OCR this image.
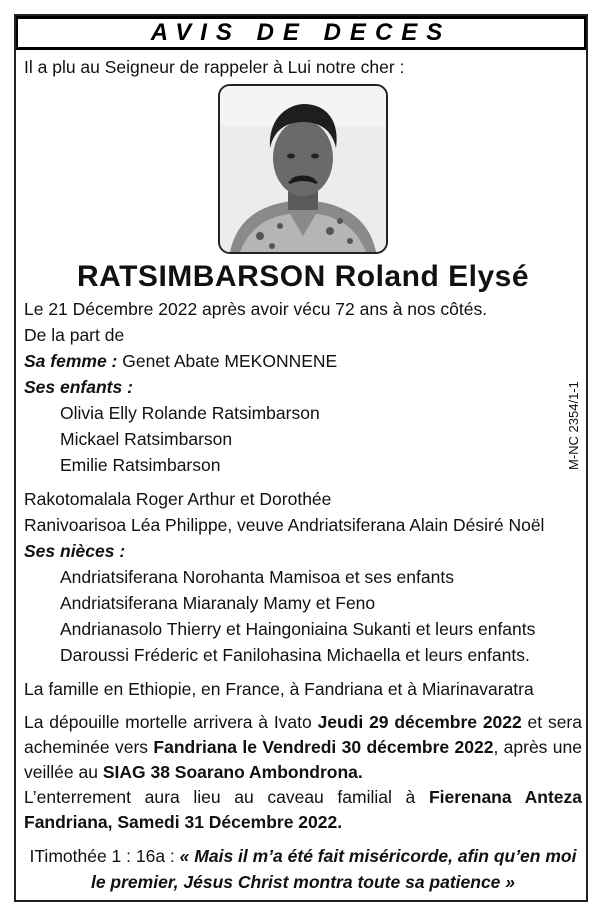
AVIS DE DECES
M-NC 2354/1-1
Il a plu au Seigneur de rappeler à Lui notre cher :
RATSIMBARSON Roland Elysé
Le 21 Décembre 2022 après avoir vécu 72 ans à nos côtés.
De la part de
Sa femme : Genet Abate MEKONNENE
Ses enfants :
Olivia Elly Rolande Ratsimbarson
Mickael Ratsimbarson
Emilie Ratsimbarson
Rakotomalala Roger Arthur et Dorothée
Ranivoarisoa Léa Philippe, veuve Andriatsiferana Alain Désiré Noël
Ses nièces :
Andriatsiferana Norohanta Mamisoa et ses enfants
Andriatsiferana Miaranaly Mamy et Feno
Andrianasolo Thierry et Haingoniaina Sukanti et leurs enfants
Daroussi Fréderic et Fanilohasina Michaella et leurs enfants.
La famille en Ethiopie, en France, à Fandriana et à Miarinavaratra
La dépouille mortelle arrivera à Ivato Jeudi 29 décembre 2022 et sera acheminée vers Fandriana le Vendredi 30 décembre 2022, après une veillée au SIAG 38 Soarano Ambondrona.
L’enterrement aura lieu au caveau familial à Fierenana Anteza Fandriana, Samedi 31 Décembre 2022.
ITimothée 1 : 16a : « Mais il m’a été fait miséricorde, afin qu’en moi le premier, Jésus Christ montra toute sa patience »
